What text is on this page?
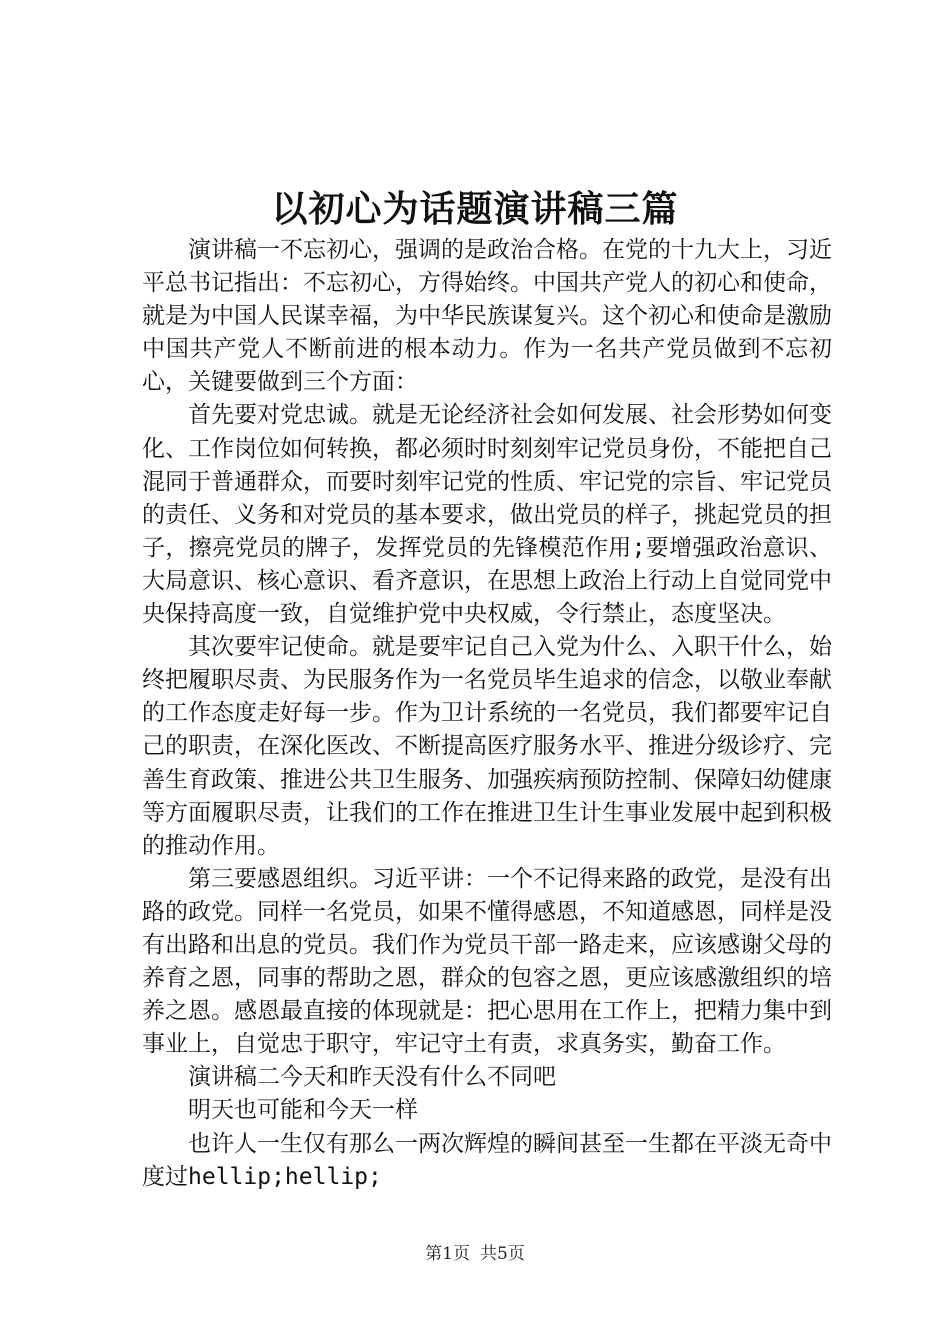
以初心为话题演讲稿三篇

演讲稿一不忘初心，强调的是政治合格。在党的十九大上，习近平总书记指出：不忘初心，方得始终。中国共产党人的初心和使命，就是为中国人民谋幸福，为中华民族谋复兴。这个初心和使命是激励中国共产党人不断前进的根本动力。作为一名共产党员做到不忘初心，关键要做到三个方面：

首先要对党忠诚。就是无论经济社会如何发展、社会形势如何变化、工作岗位如何转换，都必须时时刻刻牢记党员身份，不能把自己混同于普通群众，而要时刻牢记党的性质、牢记党的宗旨、牢记党员的责任、义务和对党员的基本要求，做出党员的样子，挑起党员的担子，擦亮党员的牌子，发挥党员的先锋模范作用;要增强政治意识、大局意识、核心意识、看齐意识，在思想上政治上行动上自觉同党中央保持高度一致，自觉维护党中央权威，令行禁止，态度坚决。

其次要牢记使命。就是要牢记自己入党为什么、入职干什么，始终把履职尽责、为民服务作为一名党员毕生追求的信念，以敬业奉献的工作态度走好每一步。作为卫计系统的一名党员，我们都要牢记自己的职责，在深化医改、不断提高医疗服务水平、推进分级诊疗、完善生育政策、推进公共卫生服务、加强疾病预防控制、保障妇幼健康等方面履职尽责，让我们的工作在推进卫生计生事业发展中起到积极的推动作用。

第三要感恩组织。习近平讲：一个不记得来路的政党，是没有出路的政党。同样一名党员，如果不懂得感恩，不知道感恩，同样是没有出路和出息的党员。我们作为党员干部一路走来，应该感谢父母的养育之恩，同事的帮助之恩，群众的包容之恩，更应该感激组织的培养之恩。感恩最直接的体现就是：把心思用在工作上，把精力集中到事业上，自觉忠于职守，牢记守土有责，求真务实，勤奋工作。

演讲稿二今天和昨天没有什么不同吧

明天也可能和今天一样

也许人一生仅有那么一两次辉煌的瞬间甚至一生都在平淡无奇中度过hellip;hellip;

第1页 共5页
